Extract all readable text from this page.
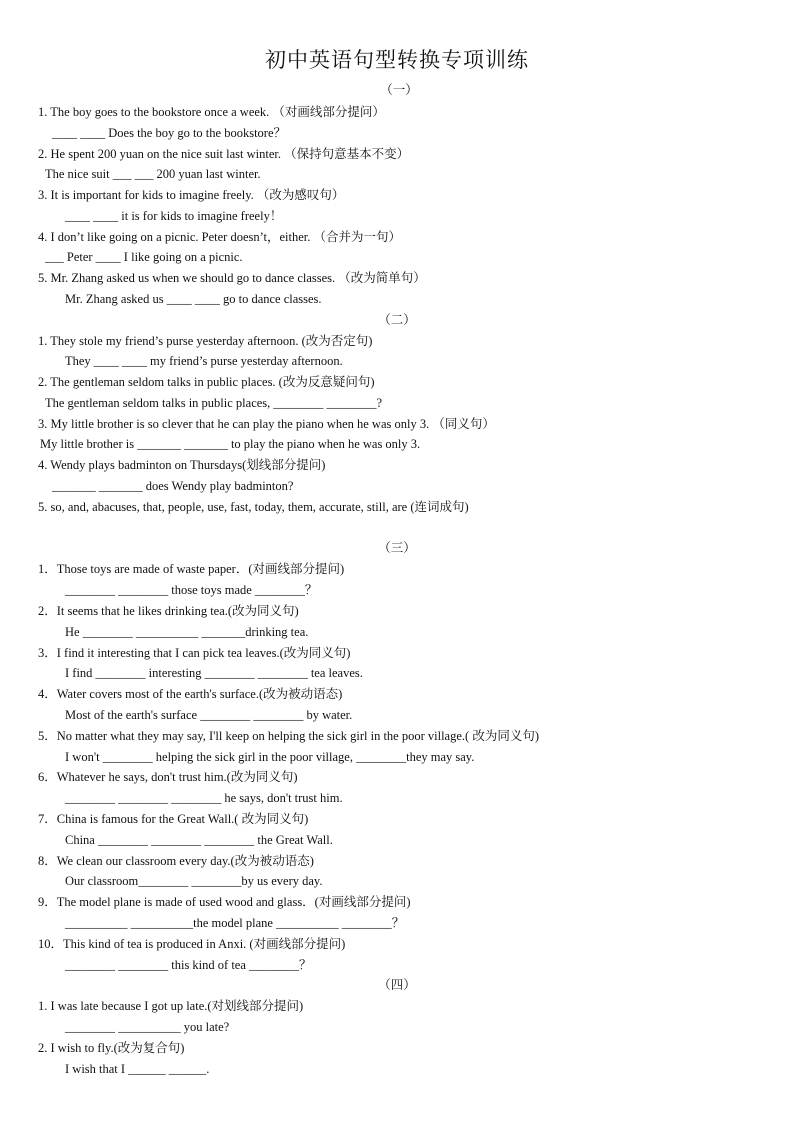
初中英语句型转换专项训练
（一）
1. The boy goes to the bookstore once a week. （对画线部分提问）
____ ____ Does the boy go to the bookstore？
2. He spent 200 yuan on the nice suit last winter. （保持句意基本不变）
The nice suit ___ ___ 200 yuan last winter.
3. It is important for kids to imagine freely. （改为感叹句）
____ ____ it is for kids to imagine freely！
4. I don’t like going on a picnic. Peter doesn’t，either. （合并为一句）
___ Peter ____ I like going on a picnic.
5. Mr. Zhang asked us when we should go to dance classes. （改为简单句）
Mr. Zhang asked us ____ ____ go to dance classes.
（二）
1. They stole my friend’s purse yesterday afternoon. (改为否定句)
They ____ ____ my friend’s purse yesterday afternoon.
2. The gentleman seldom talks in public places. (改为反意疑问句)
The gentleman seldom talks in public places, ________ ________?
3. My little brother is so clever that he can play the piano when he was only 3. （同义句）
My little brother is _______ _______ to play the piano when he was only 3.
4. Wendy plays badminton on Thursdays(划线部分提问)
_______ _______ does Wendy play badminton?
5. so, and, abacuses, that, people, use, fast, today, them, accurate, still, are (连词成句)
（三）
1．Those toys are made of waste paper．(对画线部分提问)
________ ________ those toys made ________？
2．It seems that he likes drinking tea.(改为同义句)
He ________ __________ _______drinking tea.
3．I find it interesting that I can pick tea leaves.(改为同义句)
I find ________ interesting ________ ________ tea leaves.
4．Water covers most of the earth's surface.(改为被动语态)
Most of the earth's surface ________ ________ by water.
5．No matter what they may say, I'll keep on helping the sick girl in the poor village.( 改为同义句)
I won't ________ helping the sick girl in the poor village, ________they may say.
6．Whatever he says, don't trust him.(改为同义句)
________ ________ ________ he says, don't trust him.
7．China is famous for the Great Wall.( 改为同义句)
China ________ ________ ________ the Great Wall.
8．We clean our classroom every day.(改为被动语态)
Our classroom________ ________by us every day.
9．The model plane is made of used wood and glass．(对画线部分提问)
__________ __________the model plane __________ ________？
10．This kind of tea is produced in Anxi. (对画线部分提问)
________ ________ this kind of tea ________？
（四）
1. I was late because I got up late.(对划线部分提问)
________ __________ you late?
2. I wish to fly.(改为复合句)
I wish that I ______ ______.
